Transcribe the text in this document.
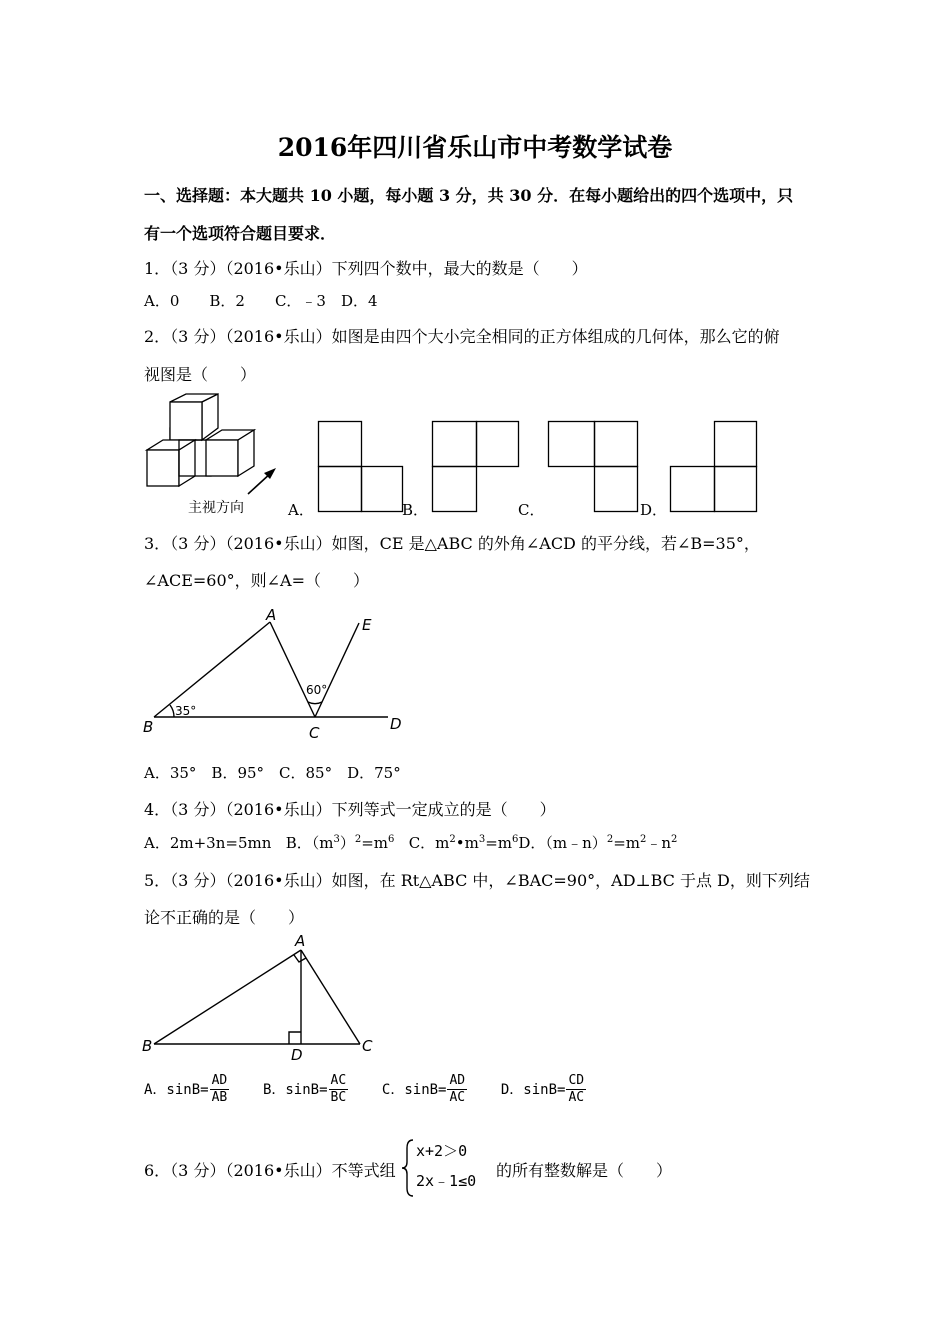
2016年四川省乐山市中考数学试卷
一、选择题：本大题共 10 小题，每小题 3 分，共 30 分．在每小题给出的四个选项中，只
有一个选项符合题目要求．
1．（3 分）（2016•乐山）下列四个数中，最大的数是（　　）
A．0　　B．2　　C．﹣3　D．4
2．（3 分）（2016•乐山）如图是由四个大小完全相同的正方体组成的几何体，那么它的俯
视图是（　　）
主视方向	A．	B．	C．	D．
3．（3 分）（2016•乐山）如图，CE 是△ABC 的外角∠ACD 的平分线，若∠B=35°，
∠ACE=60°，则∠A=（　　）
A
B	C	D
E
35°
60°
A．35°　B．95°　C．85°　D．75°
4．（3 分）（2016•乐山）下列等式一定成立的是（　　）
A．2m+3n=5mn B．$(m^3)^2=m^6$ C．$m^2•m^3=m^6D$．$(m﹣n)^2=m^2﹣n^2$
5．（3 分）（2016•乐山）如图，在 Rt△ABC 中，∠BAC=90°，AD⊥BC 于点 D，则下列结
论不正确的是（　　）
A
B	C
D
A．$\sin B= \frac{AD}{AB}$ B．$\sin B= \frac{AC}{BC}$ C．$\sin B= \frac{AD}{AC}$ D．$\sin B= \frac{CD}{AC}$
6．（3 分）（2016•乐山）不等式组
x+2＞0
2x﹣1≤0
的所有整数解是（　　）
